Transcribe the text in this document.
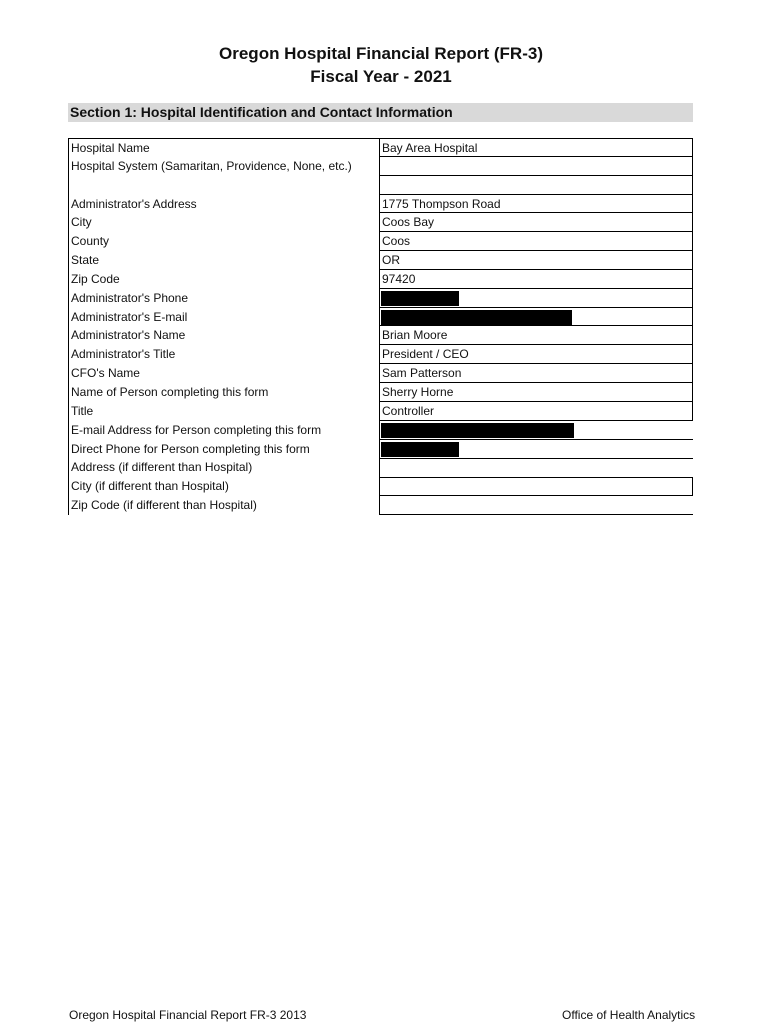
Oregon Hospital Financial Report (FR-3)
Fiscal Year - 2021
Section 1: Hospital Identification and Contact Information
Hospital Name	Bay Area Hospital
Hospital System (Samaritan, Providence, None, etc.)
Administrator's Address	1775 Thompson Road
City	Coos Bay
County	Coos
State	OR
Zip Code	97420
Administrator's Phone
Administrator's E-mail
Administrator's Name	Brian Moore
Administrator's Title	President / CEO
CFO's Name	Sam Patterson
Name of Person completing this form	Sherry Horne
Title	Controller
E-mail Address for Person completing this form
Direct Phone for Person completing this form
Address (if different than Hospital)
City (if different than Hospital)
Zip Code (if different than Hospital)
Oregon Hospital Financial Report FR-3 2013	Office of Health Analytics
